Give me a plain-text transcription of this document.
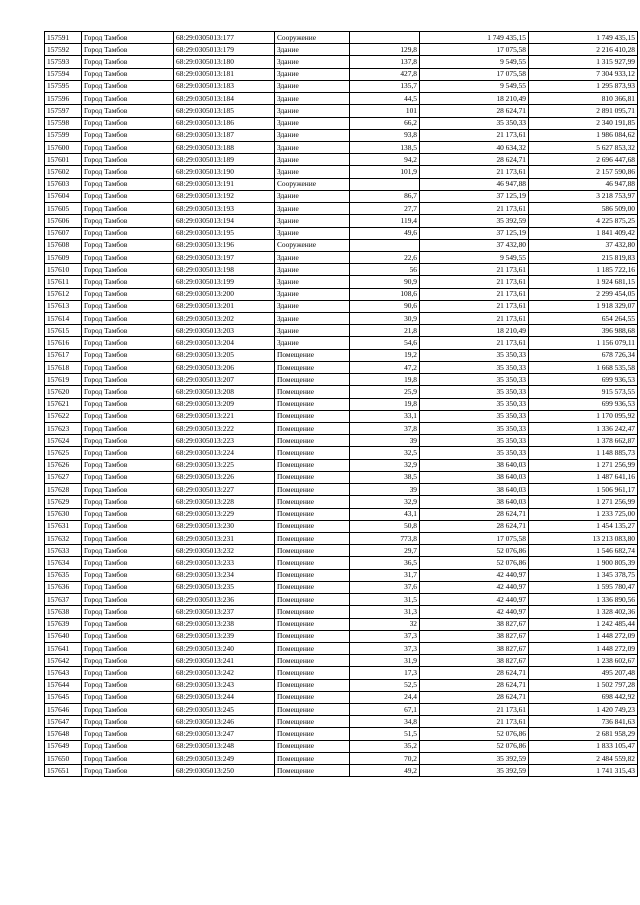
157591	Город Тамбов	68:29:0305013:177	Сооружение		1 749 435,15	1 749 435,15
157592	Город Тамбов	68:29:0305013:179	Здание	129,8	17 075,58	2 216 410,28
157593	Город Тамбов	68:29:0305013:180	Здание	137,8	9 549,55	1 315 927,99
157594	Город Тамбов	68:29:0305013:181	Здание	427,8	17 075,58	7 304 933,12
157595	Город Тамбов	68:29:0305013:183	Здание	135,7	9 549,55	1 295 873,93
157596	Город Тамбов	68:29:0305013:184	Здание	44,5	18 210,49	810 366,81
157597	Город Тамбов	68:29:0305013:185	Здание	101	28 624,71	2 891 095,71
157598	Город Тамбов	68:29:0305013:186	Здание	66,2	35 350,33	2 340 191,85
157599	Город Тамбов	68:29:0305013:187	Здание	93,8	21 173,61	1 986 084,62
157600	Город Тамбов	68:29:0305013:188	Здание	138,5	40 634,32	5 627 853,32
157601	Город Тамбов	68:29:0305013:189	Здание	94,2	28 624,71	2 696 447,68
157602	Город Тамбов	68:29:0305013:190	Здание	101,9	21 173,61	2 157 590,86
157603	Город Тамбов	68:29:0305013:191	Сооружение		46 947,88	46 947,88
157604	Город Тамбов	68:29:0305013:192	Здание	86,7	37 125,19	3 218 753,97
157605	Город Тамбов	68:29:0305013:193	Здание	27,7	21 173,61	586 509,00
157606	Город Тамбов	68:29:0305013:194	Здание	119,4	35 392,59	4 225 875,25
157607	Город Тамбов	68:29:0305013:195	Здание	49,6	37 125,19	1 841 409,42
157608	Город Тамбов	68:29:0305013:196	Сооружение		37 432,80	37 432,80
157609	Город Тамбов	68:29:0305013:197	Здание	22,6	9 549,55	215 819,83
157610	Город Тамбов	68:29:0305013:198	Здание	56	21 173,61	1 185 722,16
157611	Город Тамбов	68:29:0305013:199	Здание	90,9	21 173,61	1 924 681,15
157612	Город Тамбов	68:29:0305013:200	Здание	108,6	21 173,61	2 299 454,05
157613	Город Тамбов	68:29:0305013:201	Здание	90,6	21 173,61	1 918 329,07
157614	Город Тамбов	68:29:0305013:202	Здание	30,9	21 173,61	654 264,55
157615	Город Тамбов	68:29:0305013:203	Здание	21,8	18 210,49	396 988,68
157616	Город Тамбов	68:29:0305013:204	Здание	54,6	21 173,61	1 156 079,11
157617	Город Тамбов	68:29:0305013:205	Помещение	19,2	35 350,33	678 726,34
157618	Город Тамбов	68:29:0305013:206	Помещение	47,2	35 350,33	1 668 535,58
157619	Город Тамбов	68:29:0305013:207	Помещение	19,8	35 350,33	699 936,53
157620	Город Тамбов	68:29:0305013:208	Помещение	25,9	35 350,33	915 573,55
157621	Город Тамбов	68:29:0305013:209	Помещение	19,8	35 350,33	699 936,53
157622	Город Тамбов	68:29:0305013:221	Помещение	33,1	35 350,33	1 170 095,92
157623	Город Тамбов	68:29:0305013:222	Помещение	37,8	35 350,33	1 336 242,47
157624	Город Тамбов	68:29:0305013:223	Помещение	39	35 350,33	1 378 662,87
157625	Город Тамбов	68:29:0305013:224	Помещение	32,5	35 350,33	1 148 885,73
157626	Город Тамбов	68:29:0305013:225	Помещение	32,9	38 640,03	1 271 256,99
157627	Город Тамбов	68:29:0305013:226	Помещение	38,5	38 640,03	1 487 641,16
157628	Город Тамбов	68:29:0305013:227	Помещение	39	38 640,03	1 506 961,17
157629	Город Тамбов	68:29:0305013:228	Помещение	32,9	38 640,03	1 271 256,99
157630	Город Тамбов	68:29:0305013:229	Помещение	43,1	28 624,71	1 233 725,00
157631	Город Тамбов	68:29:0305013:230	Помещение	50,8	28 624,71	1 454 135,27
157632	Город Тамбов	68:29:0305013:231	Помещение	773,8	17 075,58	13 213 083,80
157633	Город Тамбов	68:29:0305013:232	Помещение	29,7	52 076,86	1 546 682,74
157634	Город Тамбов	68:29:0305013:233	Помещение	36,5	52 076,86	1 900 805,39
157635	Город Тамбов	68:29:0305013:234	Помещение	31,7	42 440,97	1 345 378,75
157636	Город Тамбов	68:29:0305013:235	Помещение	37,6	42 440,97	1 595 780,47
157637	Город Тамбов	68:29:0305013:236	Помещение	31,5	42 440,97	1 336 890,56
157638	Город Тамбов	68:29:0305013:237	Помещение	31,3	42 440,97	1 328 402,36
157639	Город Тамбов	68:29:0305013:238	Помещение	32	38 827,67	1 242 485,44
157640	Город Тамбов	68:29:0305013:239	Помещение	37,3	38 827,67	1 448 272,09
157641	Город Тамбов	68:29:0305013:240	Помещение	37,3	38 827,67	1 448 272,09
157642	Город Тамбов	68:29:0305013:241	Помещение	31,9	38 827,67	1 238 602,67
157643	Город Тамбов	68:29:0305013:242	Помещение	17,3	28 624,71	495 207,48
157644	Город Тамбов	68:29:0305013:243	Помещение	52,5	28 624,71	1 502 797,28
157645	Город Тамбов	68:29:0305013:244	Помещение	24,4	28 624,71	698 442,92
157646	Город Тамбов	68:29:0305013:245	Помещение	67,1	21 173,61	1 420 749,23
157647	Город Тамбов	68:29:0305013:246	Помещение	34,8	21 173,61	736 841,63
157648	Город Тамбов	68:29:0305013:247	Помещение	51,5	52 076,86	2 681 958,29
157649	Город Тамбов	68:29:0305013:248	Помещение	35,2	52 076,86	1 833 105,47
157650	Город Тамбов	68:29:0305013:249	Помещение	70,2	35 392,59	2 484 559,82
157651	Город Тамбов	68:29:0305013:250	Помещение	49,2	35 392,59	1 741 315,43
